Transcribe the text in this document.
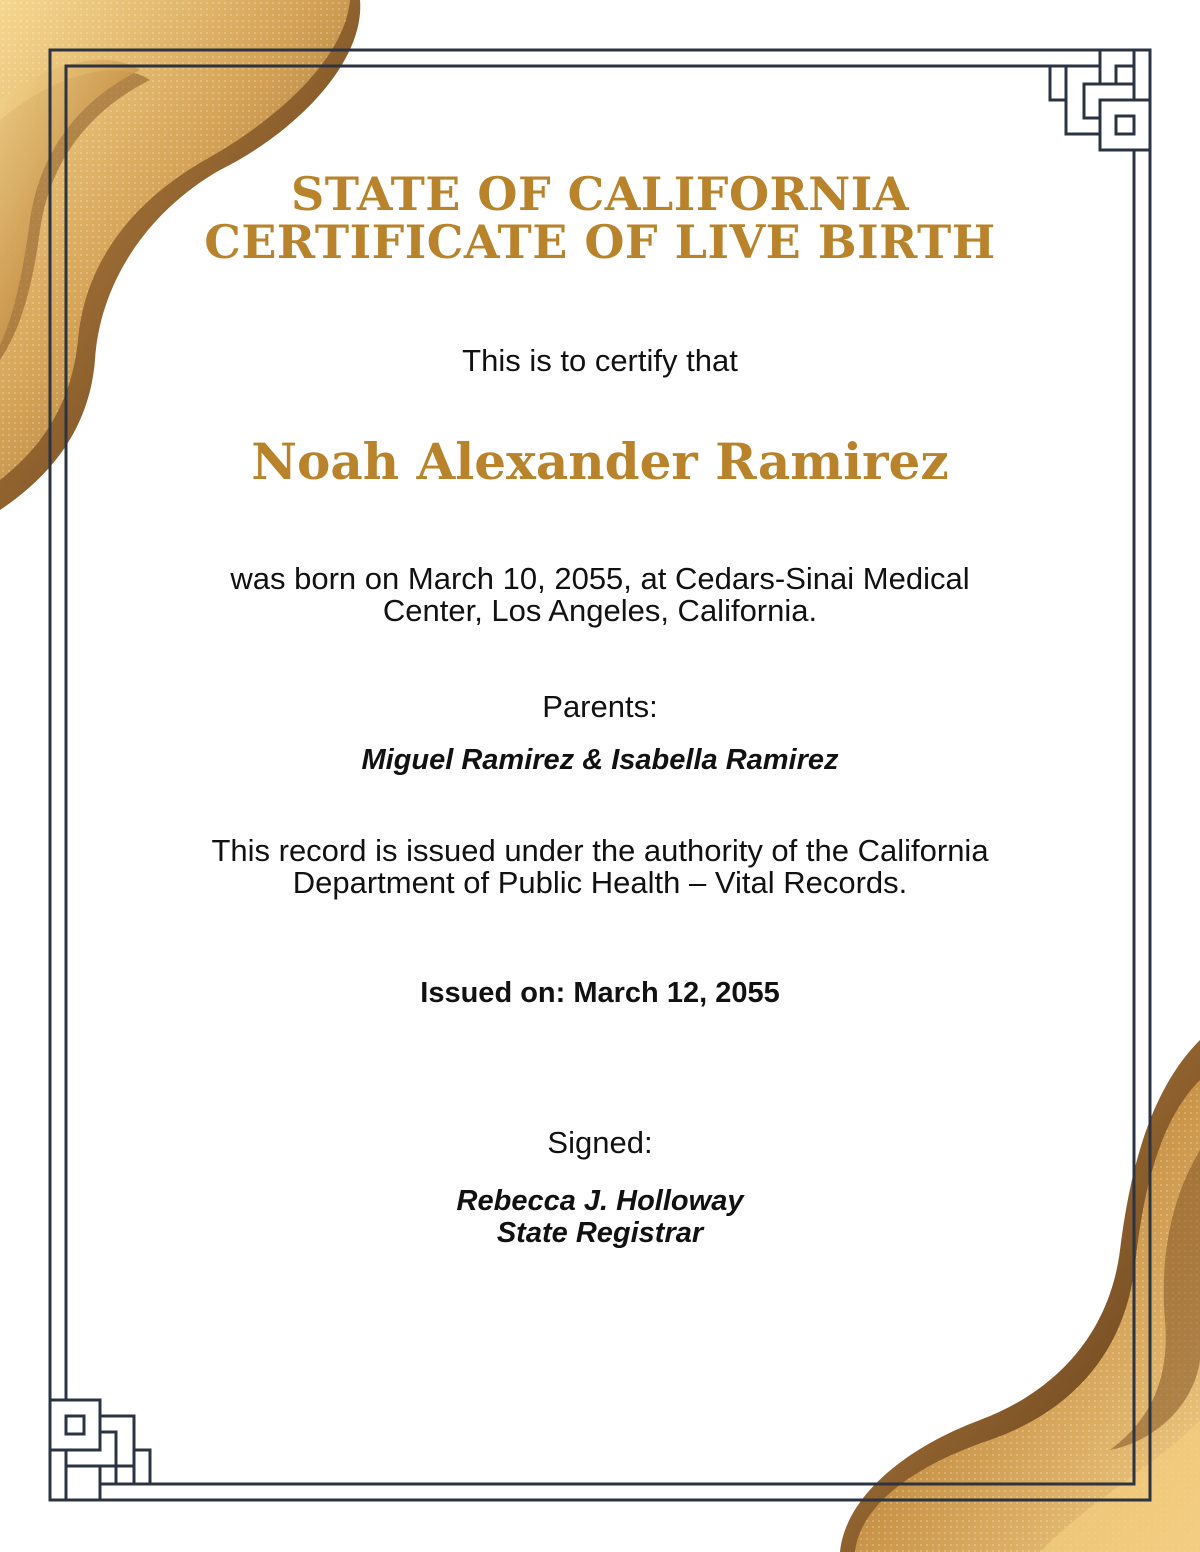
STATE OF CALIFORNIA
CERTIFICATE OF LIVE BIRTH
This is to certify that
Noah Alexander Ramirez
was born on March 10, 2055, at Cedars-Sinai Medical
Center, Los Angeles, California.
Parents:
Miguel Ramirez & Isabella Ramirez
This record is issued under the authority of the California
Department of Public Health – Vital Records.
Issued on: March 12, 2055
Signed:
Rebecca J. Holloway
State Registrar
